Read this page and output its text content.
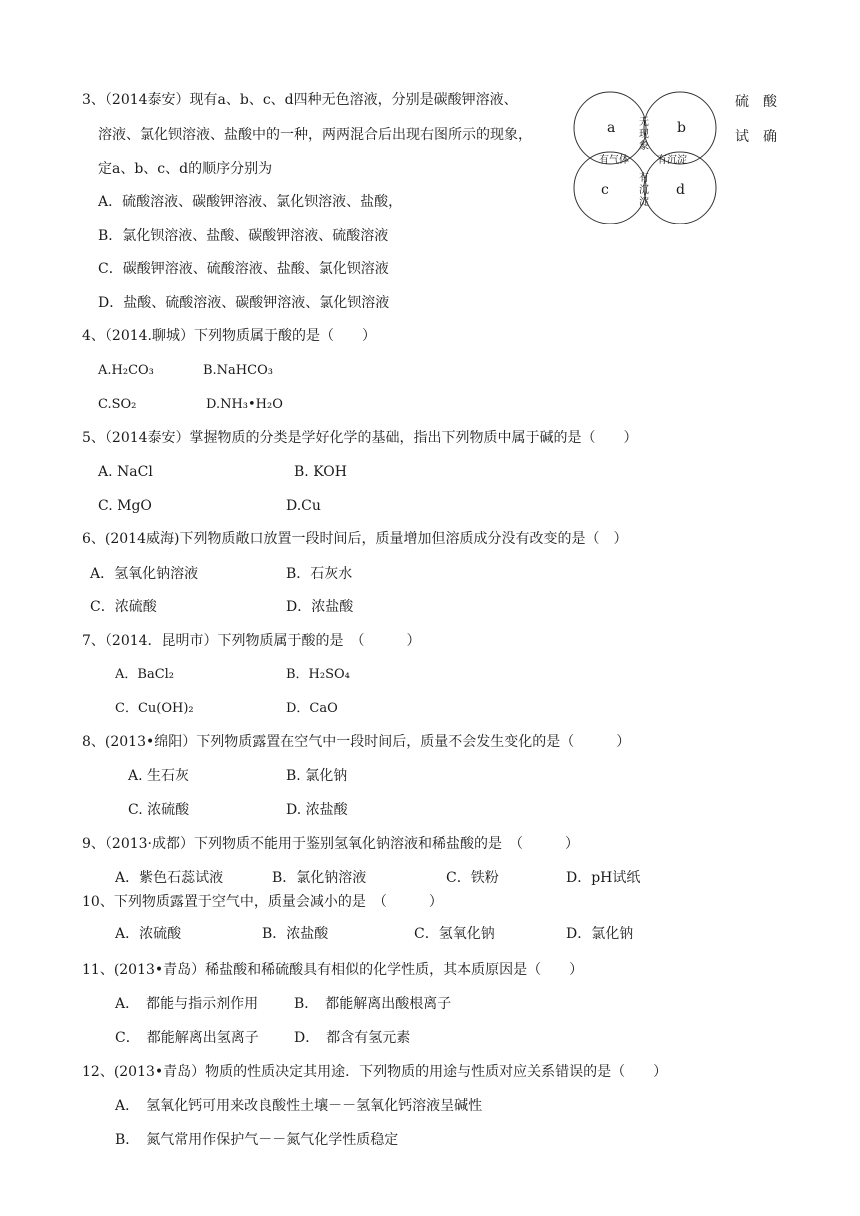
3、（2014泰安）现有a、b、c、d四种无色溶液，分别是碳酸钾溶液、
溶液、氯化钡溶液、盐酸中的一种，两两混合后出现右图所示的现象，
定a、b、c、d的顺序分别为
硫　酸
试　确
a	b
c	d
无
现
象
有气体	有沉淀
有
沉
淀
A．硫酸溶液、碳酸钾溶液、氯化钡溶液、盐酸，
B．氯化钡溶液、盐酸、碳酸钾溶液、硫酸溶液
C．碳酸钾溶液、硫酸溶液、盐酸、氯化钡溶液
D．盐酸、硫酸溶液、碳酸钾溶液、氯化钡溶液
4、（2014.聊城）下列物质属于酸的是（　　）
A.H₂CO₃	B.NaHCO₃
C.SO₂	D.NH₃•H₂O
5、（2014泰安）掌握物质的分类是学好化学的基础，指出下列物质中属于碱的是（　　）
A. NaCl	B. KOH
C. MgO	D.Cu
6、(2014威海)下列物质敞口放置一段时间后，质量增加但溶质成分没有改变的是（　）
A．氢氧化钠溶液	B．石灰水
C．浓硫酸	D．浓盐酸
7、（2014．昆明市）下列物质属于酸的是　（　　　）
A．BaCl₂	B．H₂SO₄
C．Cu(OH)₂	D．CaO
8、(2013•绵阳）下列物质露置在空气中一段时间后，质量不会发生变化的是（　　　）
A. 生石灰	B. 氯化钠
C. 浓硫酸	D. 浓盐酸
9、（2013·成都）下列物质不能用于鉴别氢氧化钠溶液和稀盐酸的是　（　　　）
A．紫色石蕊试液	B．氯化钠溶液	C．铁粉	D．pH试纸
10、下列物质露置于空气中，质量会减小的是　（　　　）
A．浓硫酸	B．浓盐酸	C．氢氧化钠	D．氯化钠
11、(2013•青岛）稀盐酸和稀硫酸具有相似的化学性质，其本质原因是（　　）
A．　都能与指示剂作用	B．　都能解离出酸根离子
C．　都能解离出氢离子	D．　都含有氢元素
12、(2013•青岛）物质的性质决定其用途．下列物质的用途与性质对应关系错误的是（　　）
A．　氢氧化钙可用来改良酸性土壤－－氢氧化钙溶液呈碱性
B．　氮气常用作保护气－－氮气化学性质稳定
